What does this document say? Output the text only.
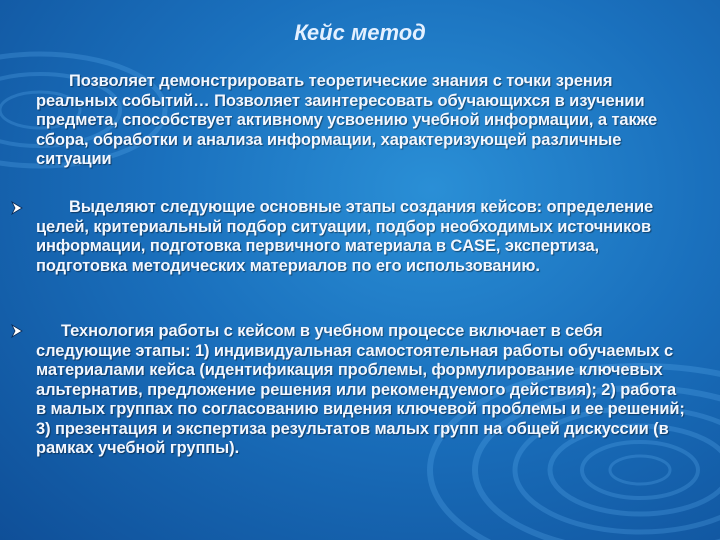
Кейс метод

Позволяет демонстрировать теоретические знания с точки зрения реальных событий… Позволяет заинтересовать обучающихся в изучении предмета, способствует активному усвоению учебной информации, а также сбора, обработки и анализа информации, характеризующей различные ситуации

Выделяют следующие основные этапы создания кейсов: определение целей, критериальный подбор ситуации, подбор необходимых источников информации, подготовка первичного материала в CASE, экспертиза, подготовка методических материалов по его использованию.

Технология работы с кейсом в учебном процессе включает в себя следующие этапы: 1) индивидуальная самостоятельная работы обучаемых с материалами кейса (идентификация проблемы, формулирование ключевых альтернатив, предложение решения или рекомендуемого действия); 2) работа в малых группах по согласованию видения ключевой проблемы и ее решений; 3) презентация и экспертиза результатов малых групп на общей дискуссии (в рамках учебной группы).
